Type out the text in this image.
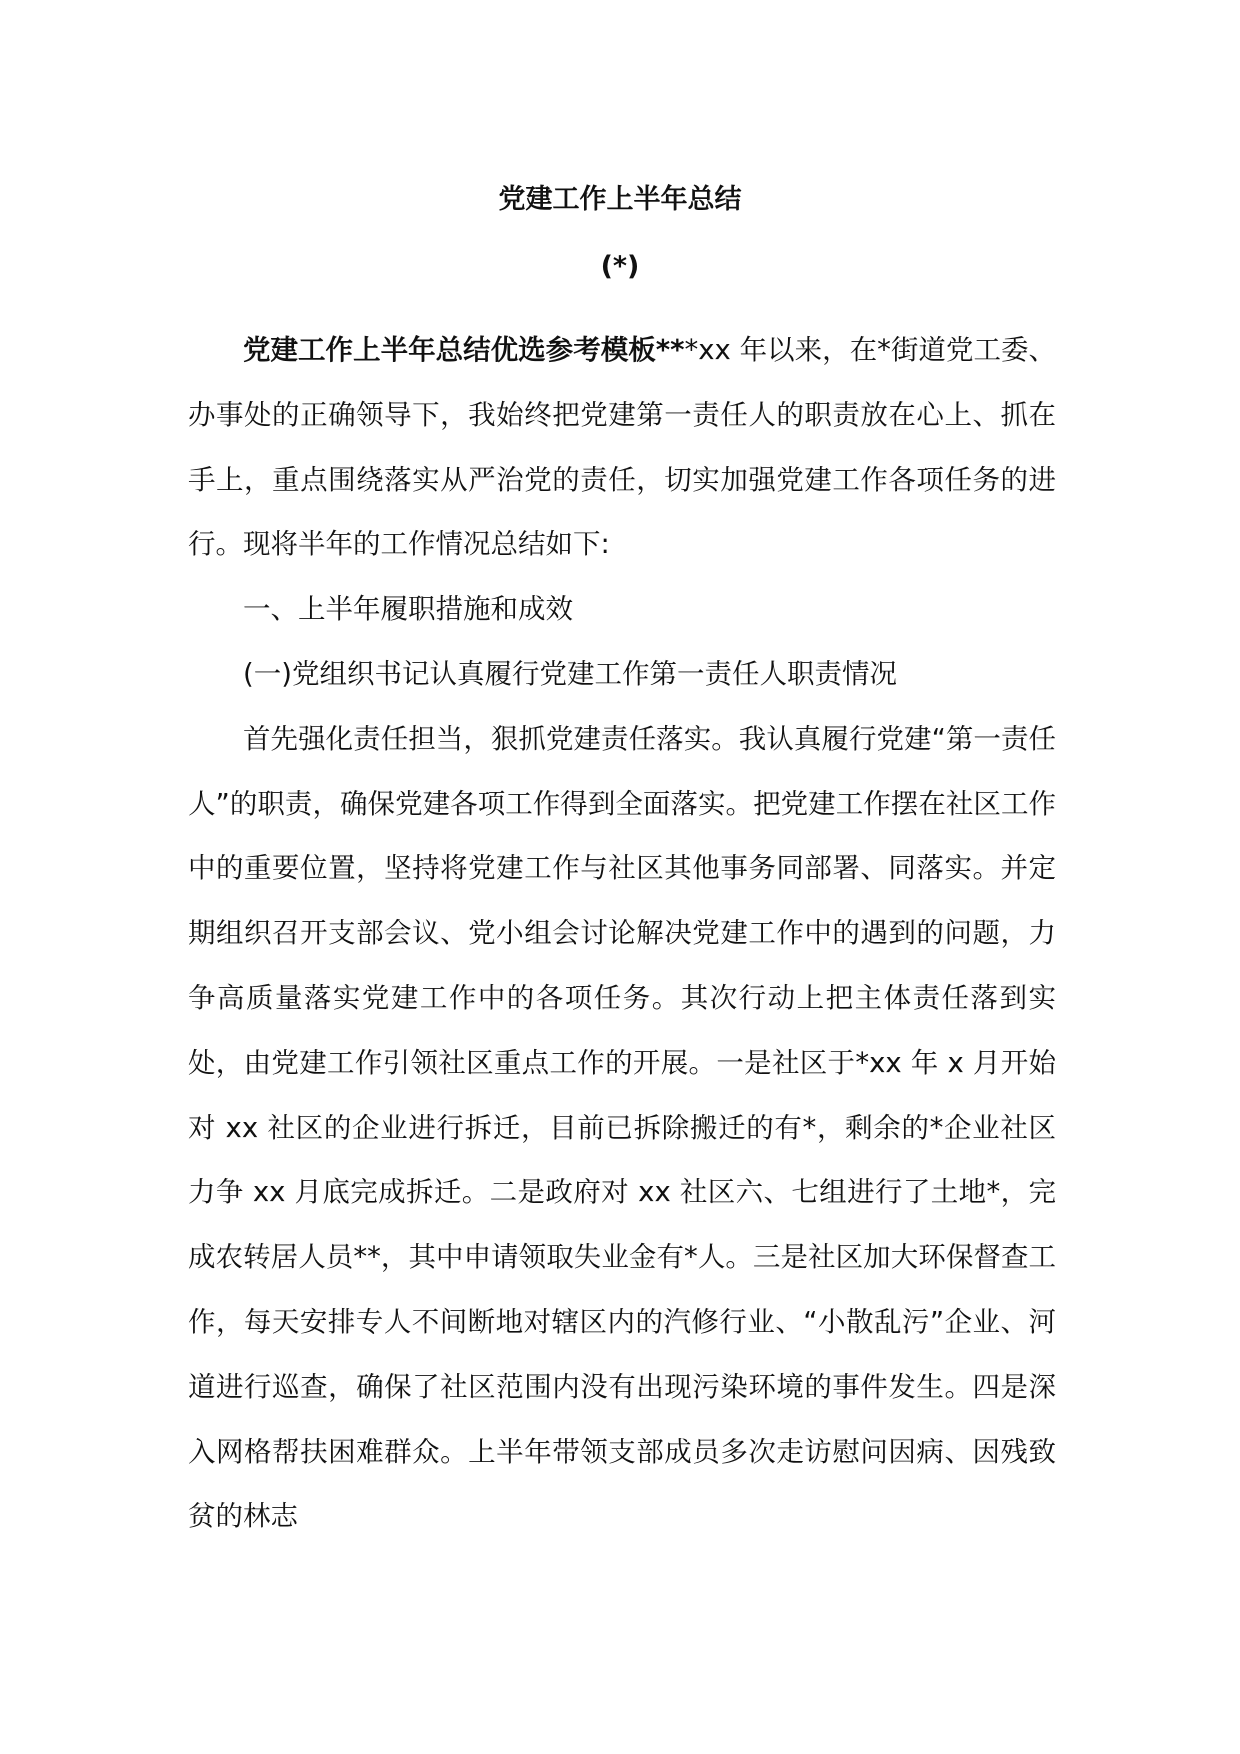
党建工作上半年总结
(*)

党建工作上半年总结优选参考模板***xx 年以来，在*街道党工委、办事处的正确领导下，我始终把党建第一责任人的职责放在心上、抓在手上，重点围绕落实从严治党的责任，切实加强党建工作各项任务的进行。现将半年的工作情况总结如下:

一、上半年履职措施和成效

(一)党组织书记认真履行党建工作第一责任人职责情况

首先强化责任担当，狠抓党建责任落实。我认真履行党建“第一责任人”的职责，确保党建各项工作得到全面落实。把党建工作摆在社区工作中的重要位置，坚持将党建工作与社区其他事务同部署、同落实。并定期组织召开支部会议、党小组会讨论解决党建工作中的遇到的问题，力争高质量落实党建工作中的各项任务。其次行动上把主体责任落到实处，由党建工作引领社区重点工作的开展。一是社区于*xx 年 x 月开始对 xx 社区的企业进行拆迁，目前已拆除搬迁的有*，剩余的*企业社区力争 xx 月底完成拆迁。二是政府对 xx 社区六、七组进行了土地*，完成农转居人员**，其中申请领取失业金有*人。三是社区加大环保督查工作，每天安排专人不间断地对辖区内的汽修行业、“小散乱污”企业、河道进行巡查，确保了社区范围内没有出现污染环境的事件发生。四是深入网格帮扶困难群众。上半年带领支部成员多次走访慰问因病、因残致贫的林志
